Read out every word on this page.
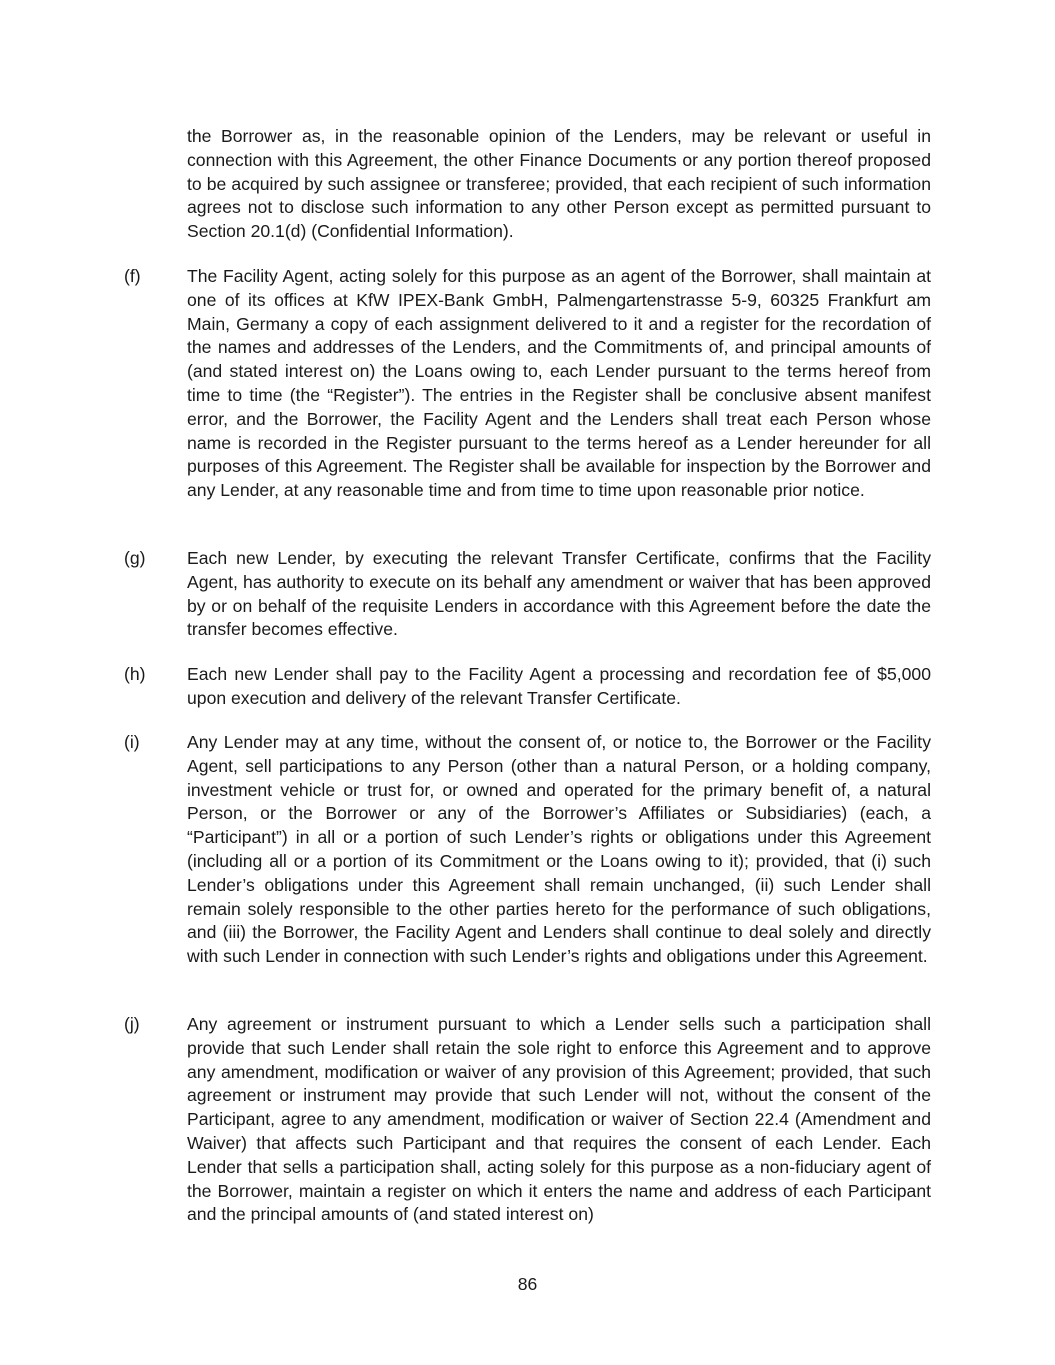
the Borrower as, in the reasonable opinion of the Lenders, may be relevant or useful in connection with this Agreement, the other Finance Documents or any portion thereof proposed to be acquired by such assignee or transferee; provided, that each recipient of such information agrees not to disclose such information to any other Person except as permitted pursuant to Section 20.1(d) (Confidential Information).

(f)	The Facility Agent, acting solely for this purpose as an agent of the Borrower, shall maintain at one of its offices at KfW IPEX-Bank GmbH, Palmengartenstrasse 5-9, 60325 Frankfurt am Main, Germany a copy of each assignment delivered to it and a register for the recordation of the names and addresses of the Lenders, and the Commitments of, and principal amounts of (and stated interest on) the Loans owing to, each Lender pursuant to the terms hereof from time to time (the “Register”). The entries in the Register shall be conclusive absent manifest error, and the Borrower, the Facility Agent and the Lenders shall treat each Person whose name is recorded in the Register pursuant to the terms hereof as a Lender hereunder for all purposes of this Agreement. The Register shall be available for inspection by the Borrower and any Lender, at any reasonable time and from time to time upon reasonable prior notice.

(g)	Each new Lender, by executing the relevant Transfer Certificate, confirms that the Facility Agent, has authority to execute on its behalf any amendment or waiver that has been approved by or on behalf of the requisite Lenders in accordance with this Agreement before the date the transfer becomes effective.

(h)	Each new Lender shall pay to the Facility Agent a processing and recordation fee of $5,000 upon execution and delivery of the relevant Transfer Certificate.

(i)	Any Lender may at any time, without the consent of, or notice to, the Borrower or the Facility Agent, sell participations to any Person (other than a natural Person, or a holding company, investment vehicle or trust for, or owned and operated for the primary benefit of, a natural Person, or the Borrower or any of the Borrower’s Affiliates or Subsidiaries) (each, a “Participant”) in all or a portion of such Lender’s rights or obligations under this Agreement (including all or a portion of its Commitment or the Loans owing to it); provided, that (i) such Lender’s obligations under this Agreement shall remain unchanged, (ii) such Lender shall remain solely responsible to the other parties hereto for the performance of such obligations, and (iii) the Borrower, the Facility Agent and Lenders shall continue to deal solely and directly with such Lender in connection with such Lender’s rights and obligations under this Agreement.

(j)	Any agreement or instrument pursuant to which a Lender sells such a participation shall provide that such Lender shall retain the sole right to enforce this Agreement and to approve any amendment, modification or waiver of any provision of this Agreement; provided, that such agreement or instrument may provide that such Lender will not, without the consent of the Participant, agree to any amendment, modification or waiver of Section 22.4 (Amendment and Waiver) that affects such Participant and that requires the consent of each Lender. Each Lender that sells a participation shall, acting solely for this purpose as a non-fiduciary agent of the Borrower, maintain a register on which it enters the name and address of each Participant and the principal amounts of (and stated interest on)

86
